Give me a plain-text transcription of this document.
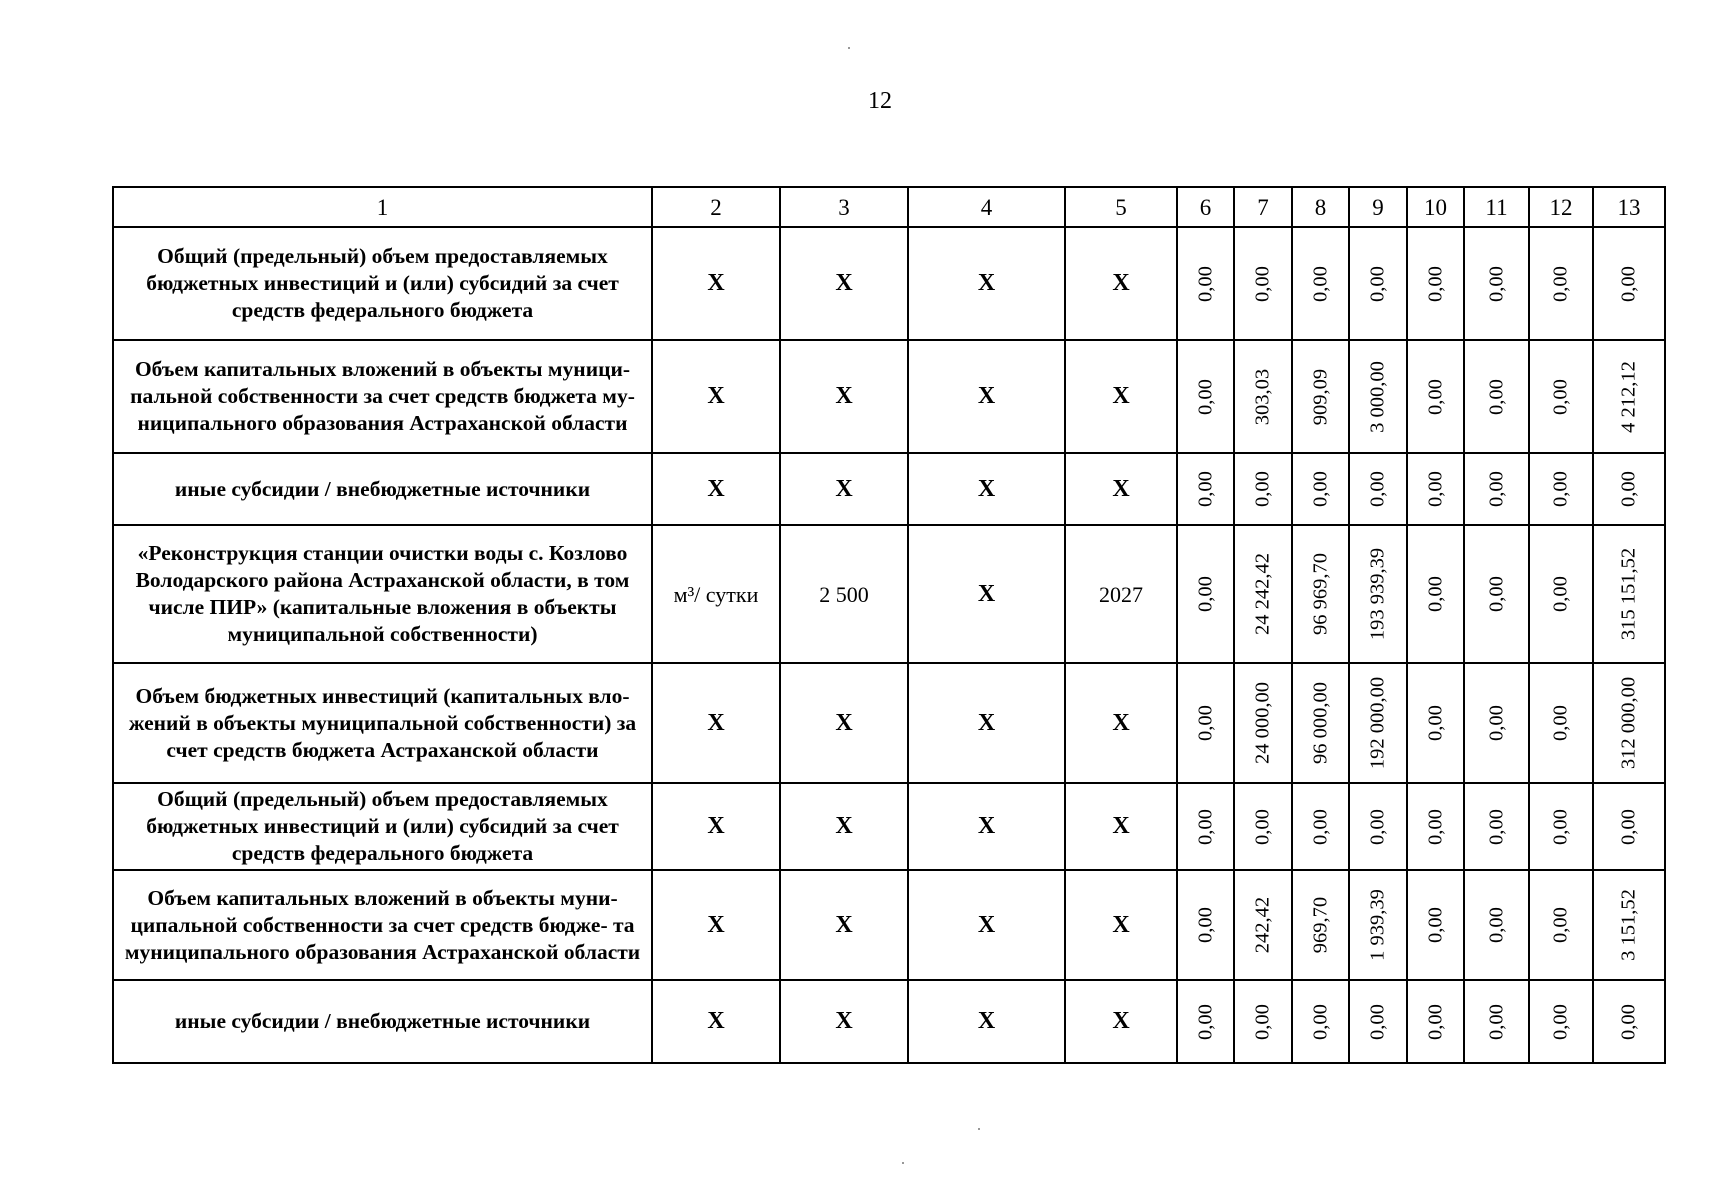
12
1	2	3	4	5	6	7	8	9	10	11	12	13
Общий (предельный) объем предоставляемых бюджетных инвестиций и (или) субсидий за счет средств федерального бюджета	X	X	X	X	0,00	0,00	0,00	0,00	0,00	0,00	0,00	0,00

Объем капитальных вложений в объекты муници- пальной собственности за счет средств бюджета му- ниципального образования Астраханской области	X	X	X	X	0,00	303,03	909,09	3 000,00	0,00	0,00	0,00	4 212,12

иные субсидии / внебюджетные источники	X	X	X	X	0,00	0,00	0,00	0,00	0,00	0,00	0,00	0,00

«Реконструкция станции очистки воды с. Козлово Володарского района Астраханской области, в том числе ПИР» (капитальные вложения в объекты муниципальной собственности)	м³/ сутки	2 500	X	2027	0,00	24 242,42	96 969,70	193 939,39	0,00	0,00	0,00	315 151,52

Объем бюджетных инвестиций (капитальных вло- жений в объекты муниципальной собственности) за счет средств бюджета Астраханской области	X	X	X	X	0,00	24 000,00	96 000,00	192 000,00	0,00	0,00	0,00	312 000,00

Общий (предельный) объем предоставляемых бюджетных инвестиций и (или) субсидий за счет средств федерального бюджета	X	X	X	X	0,00	0,00	0,00	0,00	0,00	0,00	0,00	0,00

Объем капитальных вложений в объекты муни- ципальной собственности за счет средств бюдже- та муниципального образования Астраханской области	X	X	X	X	0,00	242,42	969,70	1 939,39	0,00	0,00	0,00	3 151,52

иные субсидии / внебюджетные источники	X	X	X	X	0,00	0,00	0,00	0,00	0,00	0,00	0,00	0,00
